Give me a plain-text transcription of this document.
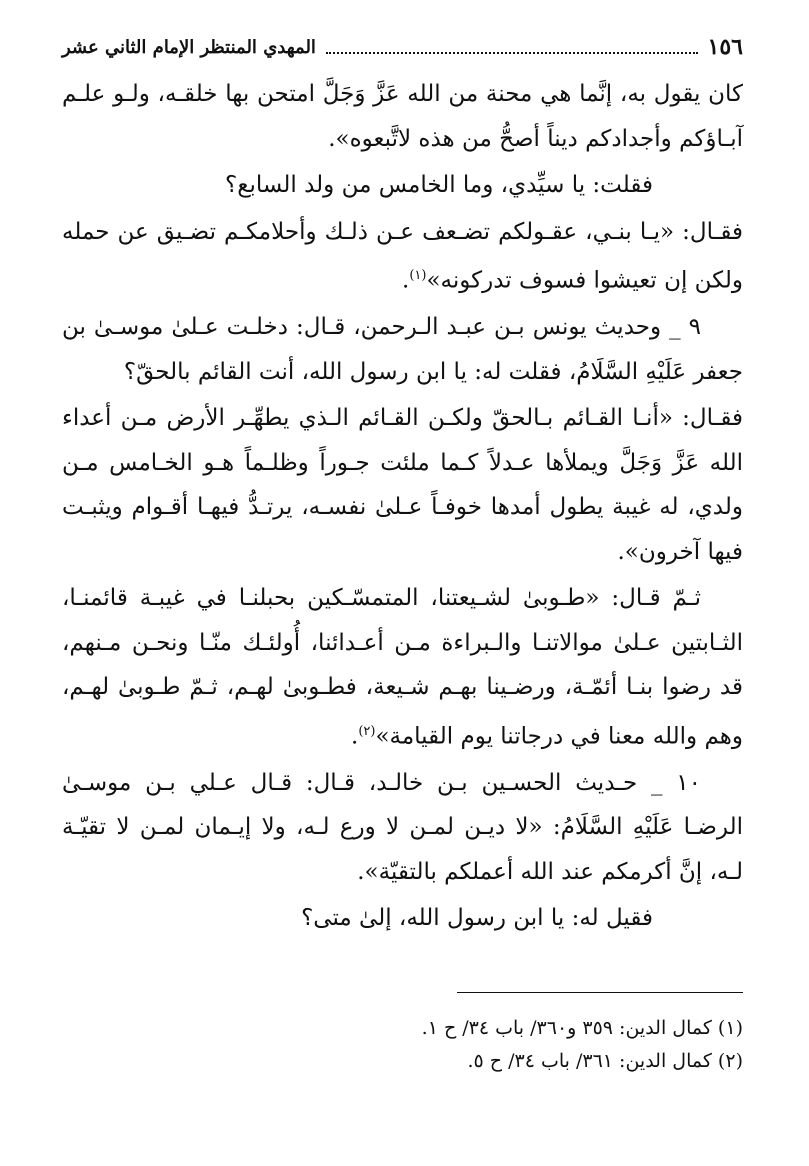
١٥٦
المهدي المنتظر الإمام الثاني عشر

كان يقول به، إنَّما هي محنة من الله عَزَّ وَجَلَّ امتحن بها خلقـه، ولـو علـم آبـاؤكم وأجدادكم ديناً أصحُّ من هذه لاتَّبعوه».

فقلت: يا سيِّدي، وما الخامس من ولد السابع؟

فقـال: «يـا بنـي، عقـولكم تضـعف عـن ذلـك وأحلامكـم تضـيق عن حمله ولكن إن تعيشوا فسوف تدركونه»$^{(١)}$.

٩ _ وحديث يونس بـن عبـد الـرحمن، قـال: دخلـت عـلىٰ موسـىٰ بن جعفر عَلَيْهِ السَّلَامُ، فقلت له: يا ابن رسول الله، أنت القائم بالحقّ؟

فقـال: «أنـا القـائم بـالحقّ ولكـن القـائم الـذي يطهِّـر الأرض مـن أعداء الله عَزَّ وَجَلَّ ويملأها عـدلاً كـما ملئت جـوراً وظلـماً هـو الخـامس مـن ولدي، له غيبة يطول أمدها خوفـاً عـلىٰ نفسـه، يرتـدُّ فيهـا أقـوام ويثبـت فيها آخرون».

ثـمّ قـال: «طـوبىٰ لشـيعتنا، المتمسّـكين بحبلنـا في غيبـة قائمنـا، الثـابتين عـلىٰ موالاتنـا والـبراءة مـن أعـدائنا، أُولئـك منّـا ونحـن مـنهم، قد رضوا بنـا أئمّـة، ورضـينا بهـم شـيعة، فطـوبىٰ لهـم، ثـمّ طـوبىٰ لهـم، وهم والله معنا في درجاتنا يوم القيامة»$^{(٢)}$.

١٠ _ حـديث الحسـين بـن خالـد، قـال: قـال عـلي بـن موسـىٰ الرضـا عَلَيْهِ السَّلَامُ: «لا ديـن لمـن لا ورع لـه، ولا إيـمان لمـن لا تقيّـة لـه، إنَّ أكرمكم عند الله أعملكم بالتقيّة».

فقيل له: يا ابن رسول الله، إلىٰ متى؟

(١) كمال الدين: ٣٥٩ و٣٦٠/ باب ٣٤/ ح ١.
(٢) كمال الدين: ٣٦١/ باب ٣٤/ ح ٥.
